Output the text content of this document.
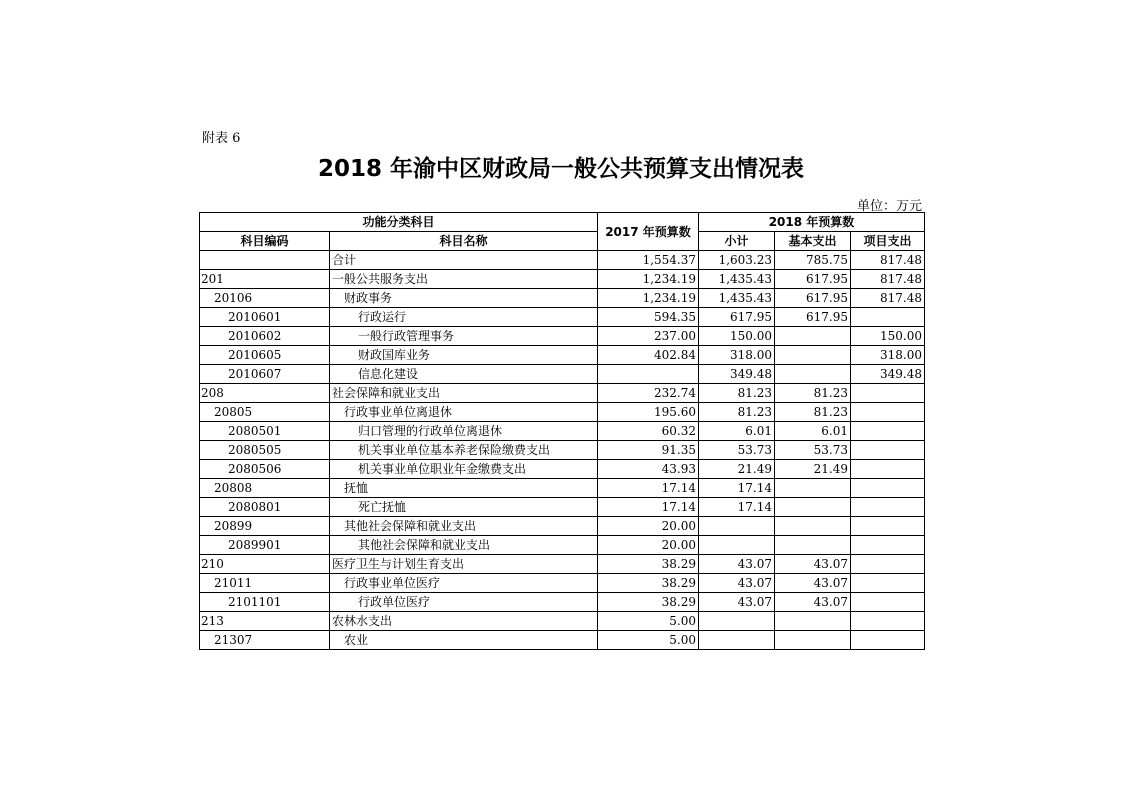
附表 6
2018 年渝中区财政局一般公共预算支出情况表
单位：万元
功能分类科目		2017 年预算数	2018 年预算数		
科目编码	科目名称		小计	基本支出	项目支出
	合计	1,554.37	1,603.23	785.75	817.48
201	一般公共服务支出	1,234.19	1,435.43	617.95	817.48
20106	财政事务	1,234.19	1,435.43	617.95	817.48
2010601	行政运行	594.35	617.95	617.95	
2010602	一般行政管理事务	237.00	150.00		150.00
2010605	财政国库业务	402.84	318.00		318.00
2010607	信息化建设		349.48		349.48
208	社会保障和就业支出	232.74	81.23	81.23	
20805	行政事业单位离退休	195.60	81.23	81.23	
2080501	归口管理的行政单位离退休	60.32	6.01	6.01	
2080505	机关事业单位基本养老保险缴费支出	91.35	53.73	53.73	
2080506	机关事业单位职业年金缴费支出	43.93	21.49	21.49	
20808	抚恤	17.14	17.14		
2080801	死亡抚恤	17.14	17.14		
20899	其他社会保障和就业支出	20.00			
2089901	其他社会保障和就业支出	20.00			
210	医疗卫生与计划生育支出	38.29	43.07	43.07	
21011	行政事业单位医疗	38.29	43.07	43.07	
2101101	行政单位医疗	38.29	43.07	43.07	
213	农林水支出	5.00			
21307	农业	5.00			
